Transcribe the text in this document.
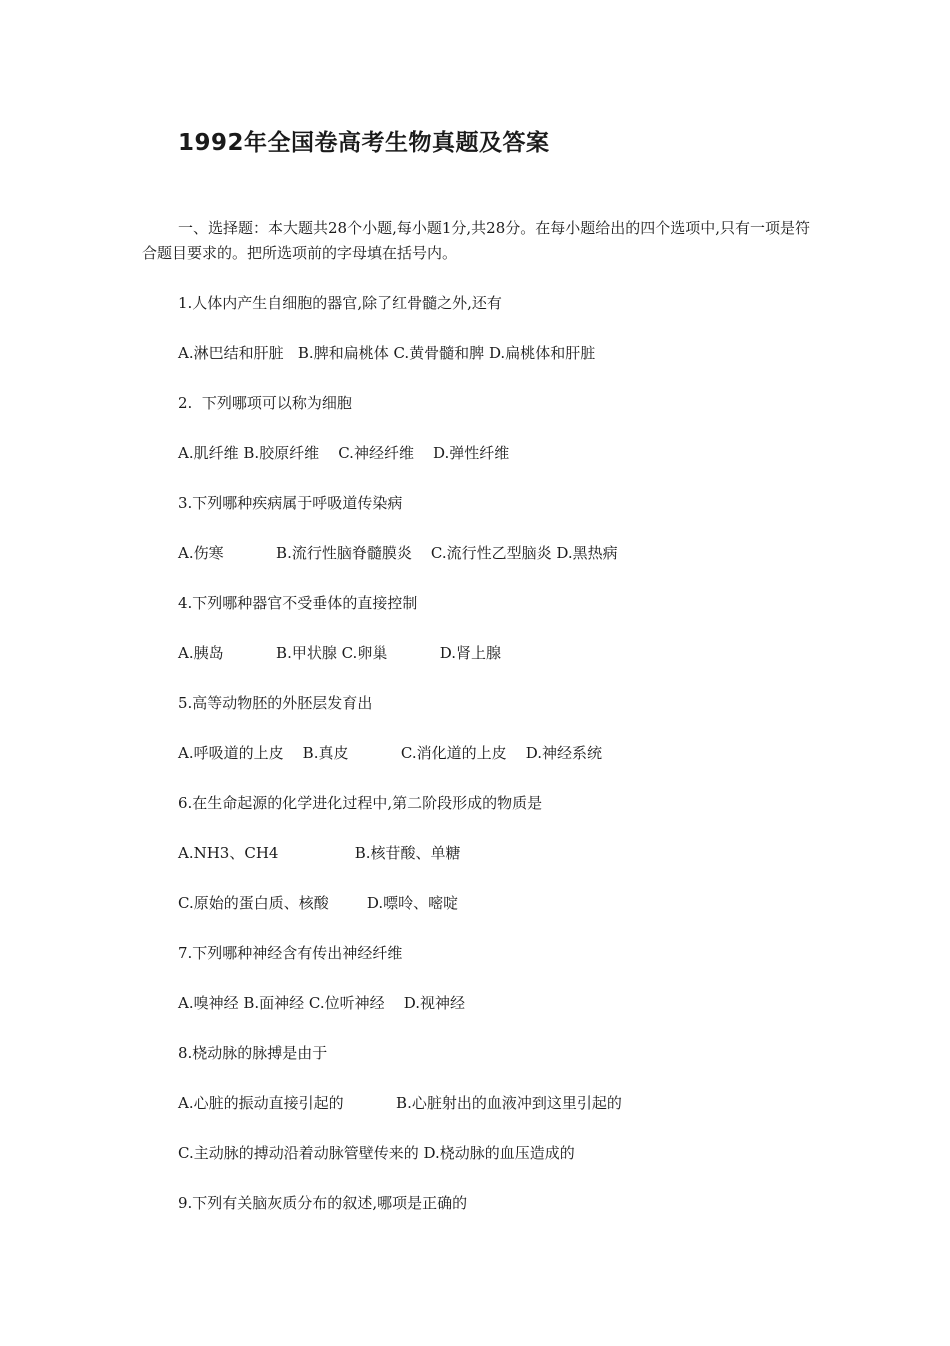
1992年全国卷高考生物真题及答案
一、选择题：本大题共28个小题,每小题1分,共28分。在每小题给出的四个选项中,只有一项是符合题目要求的。把所选项前的字母填在括号内。
1.人体内产生自细胞的器官,除了红骨髓之外,还有
A.淋巴结和肝脏   B.脾和扁桃体 C.黄骨髓和脾 D.扁桃体和肝脏
2.  下列哪项可以称为细胞
A.肌纤维 B.胶原纤维    C.神经纤维    D.弹性纤维
3.下列哪种疾病属于呼吸道传染病
A.伤寒           B.流行性脑脊髓膜炎    C.流行性乙型脑炎 D.黑热病
4.下列哪种器官不受垂体的直接控制
A.胰岛           B.甲状腺 C.卵巢           D.肾上腺
5.高等动物胚的外胚层发育出
A.呼吸道的上皮    B.真皮           C.消化道的上皮    D.神经系统
6.在生命起源的化学进化过程中,第二阶段形成的物质是
A.NH3、CH4                B.核苷酸、单糖
C.原始的蛋白质、核酸        D.嘌呤、嘧啶
7.下列哪种神经含有传出神经纤维
A.嗅神经 B.面神经 C.位听神经    D.视神经
8.桡动脉的脉搏是由于
A.心脏的振动直接引起的           B.心脏射出的血液冲到这里引起的
C.主动脉的搏动沿着动脉管壁传来的 D.桡动脉的血压造成的
9.下列有关脑灰质分布的叙述,哪项是正确的
